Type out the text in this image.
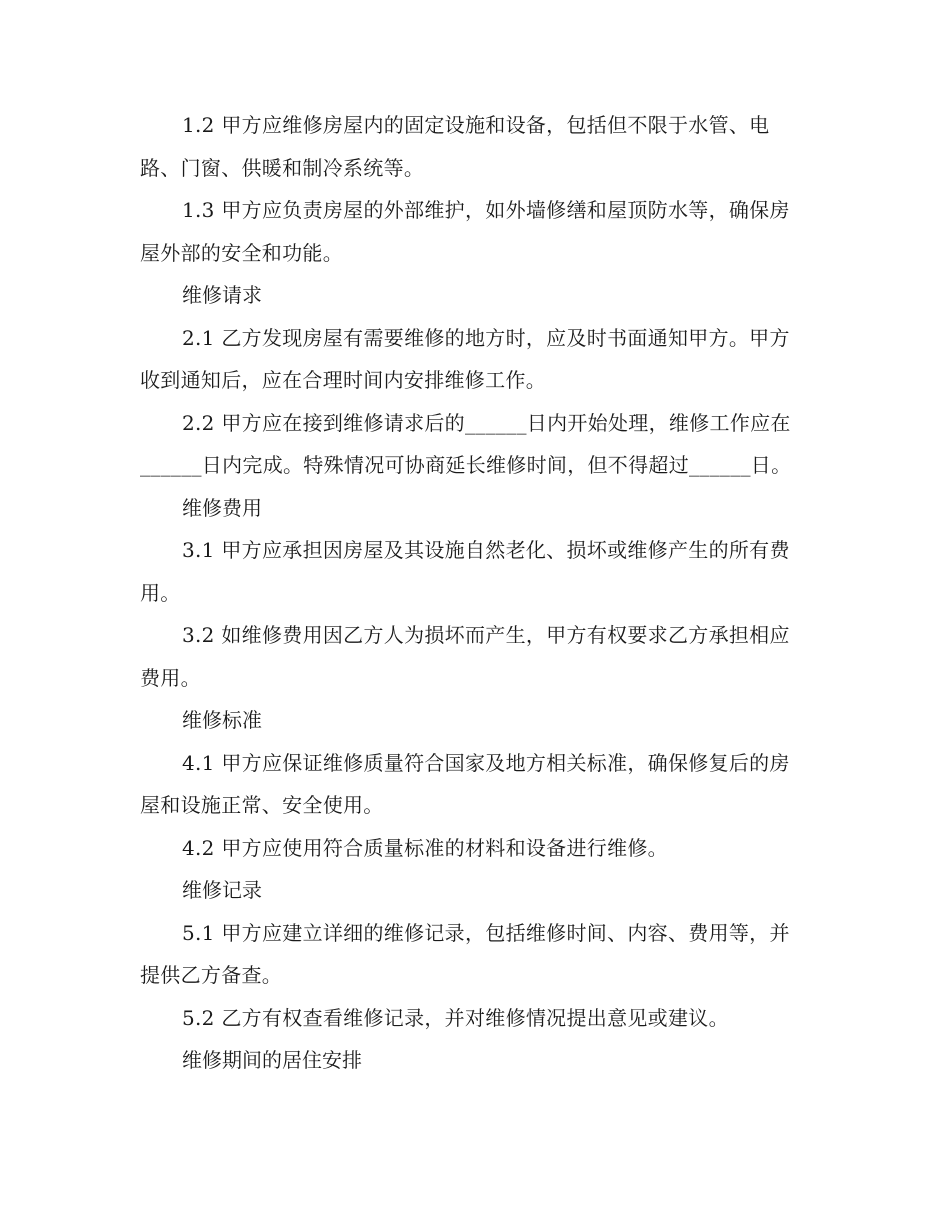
1.2 甲方应维修房屋内的固定设施和设备，包括但不限于水管、电路、门窗、供暖和制冷系统等。

1.3 甲方应负责房屋的外部维护，如外墙修缮和屋顶防水等，确保房屋外部的安全和功能。

维修请求

2.1 乙方发现房屋有需要维修的地方时，应及时书面通知甲方。甲方收到通知后，应在合理时间内安排维修工作。

2.2 甲方应在接到维修请求后的______日内开始处理，维修工作应在______日内完成。特殊情况可协商延长维修时间，但不得超过______日。

维修费用

3.1 甲方应承担因房屋及其设施自然老化、损坏或维修产生的所有费用。

3.2 如维修费用因乙方人为损坏而产生，甲方有权要求乙方承担相应费用。

维修标准

4.1 甲方应保证维修质量符合国家及地方相关标准，确保修复后的房屋和设施正常、安全使用。

4.2 甲方应使用符合质量标准的材料和设备进行维修。

维修记录

5.1 甲方应建立详细的维修记录，包括维修时间、内容、费用等，并提供乙方备查。

5.2 乙方有权查看维修记录，并对维修情况提出意见或建议。

维修期间的居住安排
